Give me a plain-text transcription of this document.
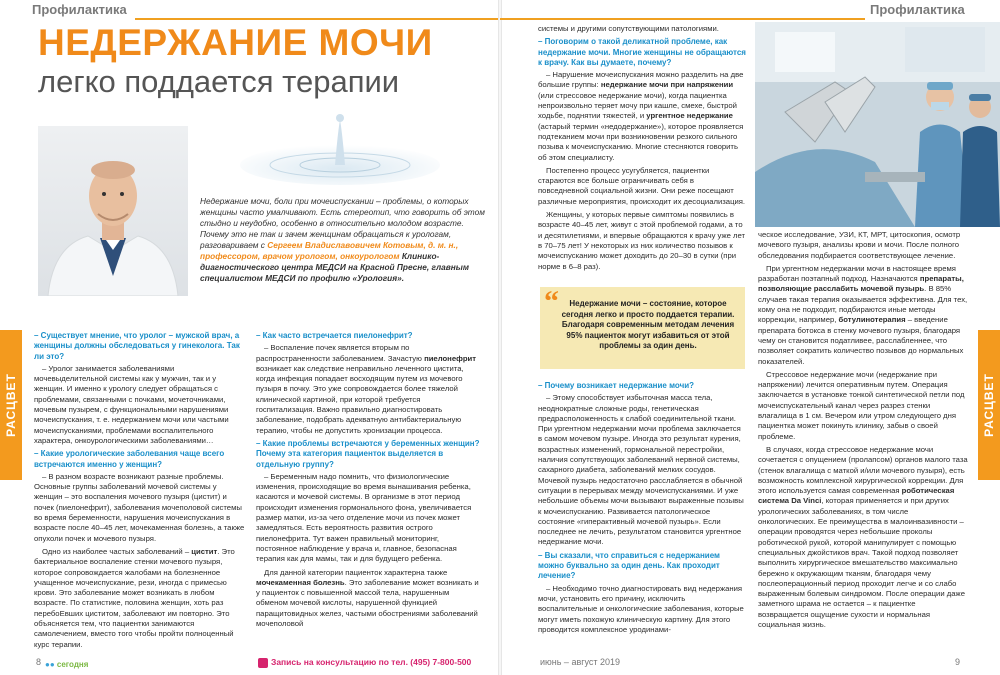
Профилактика
НЕДЕРЖАНИЕ МОЧИ
легко поддается терапии
Недержание мочи, боли при мочеиспускании – проблемы, о которых женщины часто умалчивают. Есть стереотип, что говорить об этом стыдно и неудобно, особенно в относительно молодом возрасте. Почему это не так и зачем женщинам обращаться к урологам, разговариваем с Сергеем Владиславовичем Котовым, д. м. н., профессором, врачом урологом, онкоурологом Клинико-диагностического центра МЕДСИ на Красной Пресне, главным специалистом МЕДСИ по профилю «Урология».
РАСЦВЕТ
– Существует мнение, что уролог – мужской врач, а женщины должны обследоваться у гинеколога. Так ли это?

– Уролог занимается заболеваниями мочевыделительной системы как у мужчин, так и у женщин. И именно к урологу следует обращаться с проблемами, связанными с почками, мочеточниками, мочевым пузырем, с функциональными нарушениями мочеиспускания, т. е. недержанием мочи или частыми мочеиспусканиями, проблемами воспалительного характера, онкоурологическими заболеваниями…

– Какие урологические заболевания чаще всего встречаются именно у женщин?

– В разном возрасте возникают разные проблемы. Основные группы заболеваний мочевой системы у женщин – это воспаления мочевого пузыря (цистит) и почек (пиелонефрит), заболевания мочеполовой системы во время беременности, нарушения мочеиспускания в возрасте после 40–45 лет, мочекаменная болезнь, а также опухоли почек и мочевого пузыря.

Одно из наиболее частых заболеваний – цистит. Это бактериальное воспаление стенки мочевого пузыря, которое сопровождается жалобами на болезненное учащенное мочеиспускание, рези, иногда с примесью крови. Это заболевание может возникать в любом возрасте. По статистике, половина женщин, хоть раз перебоEвших циститом, заболевают им повторно. Это объясняется тем, что пациентки занимаются самолечением, вместо того чтобы пройти полноценный курс терапии.

– Как часто встречается пиелонефрит?

– Воспаление почек является вторым по распространенности заболеванием. Зачастую пиелонефрит возникает как следствие неправильно леченного цистита, когда инфекция попадает восходящим путем из мочевого пузыря в почку. Это уже сопровождается более тяжелой клинической картиной, при которой требуется госпитализация. Важно правильно диагностировать заболевание, подобрать адекватную антибактериальную терапию, чтобы не допустить хронизации процесса.

– Какие проблемы встречаются у беременных женщин? Почему эта категория пациенток выделяется в отдельную группу?

– Беременным надо помнить, что физиологические изменения, происходящие во время вынашивания ребенка, касаются и мочевой системы. В организме в этот период происходит изменения гормонального фона, увеличивается размер матки, из-за чего отделение мочи из почек может замедляться. Есть вероятность развития острого пиелонефрита. Тут важен правильный мониторинг, постоянное наблюдение у врача и, главное, безопасная терапия как для мамы, так и для будущего ребенка.

Для данной категории пациенток характерна также мочекаменная болезнь. Это заболевание может возникать и у пациенток с повышенной массой тела, нарушенным обменом мочевой кислоты, нарушенной функцией паращитовидных желез, частыми обострениями заболеваний мочеполовой

8 ●● сегодня	Запись на консультацию по тел. (495) 7-800-500
Профилактика

системы и другими сопутствующими патологиями.

– Поговорим о такой деликатной проблеме, как недержание мочи. Многие женщины не обращаются к врачу. Как вы думаете, почему?

– Нарушение мочеиспускания можно разделить на две большие группы: недержание мочи при напряжении (или стрессовое недержание мочи), когда пациентка непроизвольно теряет мочу при кашле, смехе, быстрой ходьбе, поднятии тяжестей, и ургентное недержание (астарый термин «недодержание»), которое проявляется подтеканием мочи при возникновении резкого сильного позыва к мочеиспусканию. Многие стесняются говорить об этом специалисту.

Постепенно процесс усугубляется, пациентки стараются все больше ограничивать себя в повседневной социальной жизни. Они реже посещают различные мероприятия, происходит их десоциализация.

Женщины, у которых первые симптомы появились в возрасте 40–45 лет, живут с этой проблемой годами, а то и десятилетиями, и впервые обращаются к врачу уже лет в 70–75 лет! У некоторых из них количество позывов к мочеиспусканию может доходить до 20–30 в сутки (при норме в 6–8 раз).

“	Недержание мочи – состояние, которое сегодня легко и просто поддается терапии. Благодаря современным методам лечения 95% пациенток могут избавиться от этой проблемы за один день.

– Почему возникает недержание мочи?

– Этому способствует избыточная масса тела, неоднократные сложные роды, генетическая предрасположенность к слабой соединительной ткани. При ургентном недержании мочи проблема заключается в самом мочевом пузыре. Иногда это результат курения, возрастных изменений, гормональной перестройки, наличия сопутствующих заболеваний нервной системы, сахарного диабета, заболеваний мелких сосудов. Мочевой пузырь недостаточно расслабляется в обычной ситуации в перерывах между мочеиспусканиями. И уже небольшие объемы мочи вызывают выраженные позывы к мочеиспусканию. Развивается патологическое состояние «гиперактивный мочевой пузырь». Если последнее не лечить, результатом становится ургентное недержание мочи.

– Вы сказали, что справиться с недержанием можно буквально за один день. Как проходит лечение?

– Необходимо точно диагностировать вид недержания мочи, установить его причину, исключить воспалительные и онкологические заболевания, которые могут иметь похожую клиническую картину. Для этого проводится комплексное уродинами-

ческое исследование, УЗИ, КТ, МРТ, цитоскопия, осмотр мочевого пузыря, анализы крови и мочи. После полного обследования подбирается соответствующее лечение.

При ургентном недержании мочи в настоящее время разработан поэтапный подход. Назначаются препараты, позволяющие расслабить мочевой пузырь. В 85% случаев такая терапия оказывается эффективна. Для тех, кому она не подходит, подбираются иные методы коррекции, например, ботулинотерапия – введение препарата ботокса в стенку мочевого пузыря, благодаря чему он становится податливее, расслабленнее, что позволяет сократить количество позывов до нормальных показателей.

Стрессовое недержание мочи (недержание при напряжении) лечится оперативным путем. Операция заключается в установке тонкой синтетической петли под мочеиспускательный канал через разрез стенки влагалища в 1 см. Вечером или утром следующего дня пациентка может покинуть клинику, забыв о своей проблеме.

В случаях, когда стрессовое недержание мочи сочетается с опущением (пролапсом) органов малого таза (стенок влагалища с маткой и/или мочевого пузыря), есть возможность комплексной хирургической коррекции. Для этого используется самая современная роботическая система Da Vinci, которая применяется и при других урологических заболеваниях, в том числе онкологических. Ее преимущества в малоинвазивности – операции проводятся через небольшие проколы роботической рукой, которой манипулирует с помощью специальных джойстиков врач. Такой подход позволяет выполнить хирургическое вмешательство максимально бережно к окружающим тканям, благодаря чему послеоперационный период проходит легче и со слабо выраженным болевым синдромом. После операции даже заметного шрама не остается – к пациентке возвращается ощущение сухости и нормальная социальная жизнь.

РАСЦВЕТ
июнь – август 2019	9
